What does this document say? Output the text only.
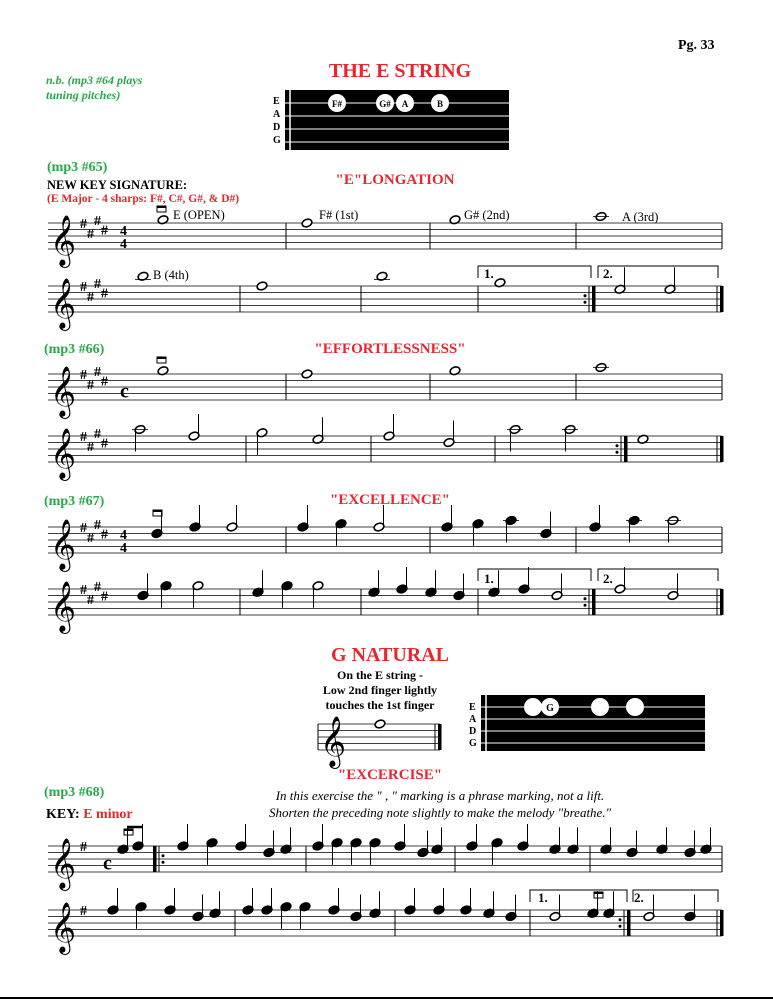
Pg. 33
n.b. (mp3 #64 plays tuning pitches)
THE E STRING
E
A
D
G
F#	G# A	B
(mp3 #65)
NEW KEY SIGNATURE:
(E Major - 4 sharps: F#, C#, G#, & D#)
"E"LONGATION
𝄞 #
#
#
# 4
4
𝄞 #
#
#
#
𝄞 #
#
#
# c
𝄞 #
#
#
#
𝄞 #
#
#
# 4
4
𝄞 #
#
#
#
𝄞
𝄞 #
c
𝄞 #
E (OPEN)	F# (1st)	G# (2nd)	A (3rd)
B (4th)	1.	2.
(mp3 #66)	"EFFORTLESSNESS"
(mp3 #67)	"EXCELLENCE"
1.	2.
G NATURAL
On the E string -
Low 2nd finger lightly
touches the 1st finger	E
A
D
G
G
"EXCERCISE"
(mp3 #68)	In this exercise the " , " marking is a phrase marking, not a lift.
Shorten the preceding note slightly to make the melody "breathe."
KEY: E minor
1.	2.
